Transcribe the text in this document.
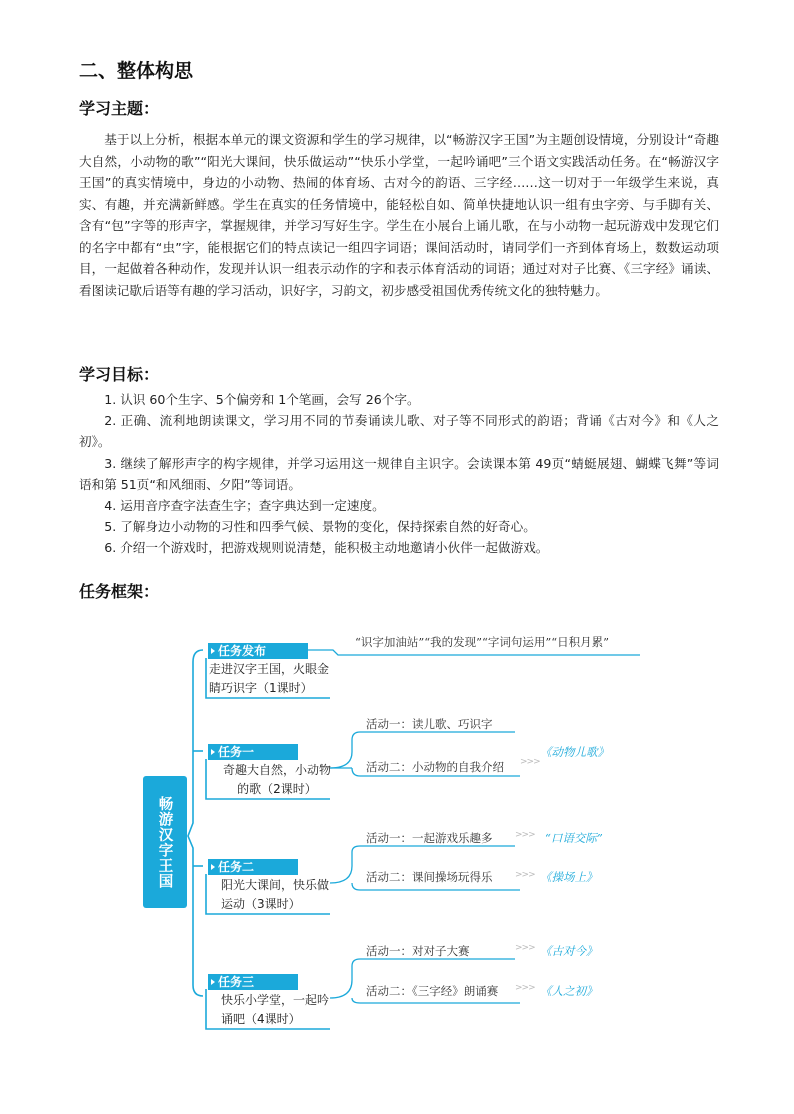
二、整体构思
学习主题：
基于以上分析，根据本单元的课文资源和学生的学习规律，以“畅游汉字王国”为主题创设情境，分别设计“奇趣大自然，小动物的歌”“阳光大课间，快乐做运动”“快乐小学堂，一起吟诵吧”三个语文实践活动任务。在“畅游汉字王国”的真实情境中，身边的小动物、热闹的体育场、古对今的韵语、三字经……这一切对于一年级学生来说，真实、有趣，并充满新鲜感。学生在真实的任务情境中，能轻松自如、简单快捷地认识一组有虫字旁、与手脚有关、含有“包”字等的形声字，掌握规律，并学习写好生字。学生在小展台上诵儿歌，在与小动物一起玩游戏中发现它们的名字中都有“虫”字，能根据它们的特点读记一组四字词语；课间活动时，请同学们一齐到体育场上，数数运动项目，一起做着各种动作，发现并认识一组表示动作的字和表示体育活动的词语；通过对对子比赛、《三字经》诵读、看图读记歇后语等有趣的学习活动，识好字，习韵文，初步感受祖国优秀传统文化的独特魅力。
学习目标：
1. 认识 60个生字、5个偏旁和 1个笔画，会写 26个字。
2. 正确、流利地朗读课文，学习用不同的节奏诵读儿歌、对子等不同形式的韵语；背诵《古对今》和《人之初》。
3. 继续了解形声字的构字规律，并学习运用这一规律自主识字。会读课本第 49页“蜻蜓展翅、蝴蝶飞舞”等词语和第 51页“和风细雨、夕阳”等词语。
4. 运用音序查字法查生字；查字典达到一定速度。
5. 了解身边小动物的习性和四季气候、景物的变化，保持探索自然的好奇心。
6. 介绍一个游戏时，把游戏规则说清楚，能积极主动地邀请小伙伴一起做游戏。
任务框架：
畅游汉字王国
“识字加油站”“我的发现”“字词句运用”“日积月累”
任务发布
走进汉字王国，火眼金睛巧识字（1课时）
任务一
奇趣大自然，小动物的歌（2课时）
活动一：读儿歌、巧识字
活动二：小动物的自我介绍 >>>
《动物儿歌》
任务二
阳光大课间，快乐做运动（3课时）
活动一：一起游戏乐趣多	>>> “口语交际”
活动二：课间操场玩得乐	>>> 《操场上》
任务三
快乐小学堂，一起吟诵吧（4课时）
活动一：对对子大赛	>>> 《古对今》
活动二：《三字经》朗诵赛 >>> 《人之初》
